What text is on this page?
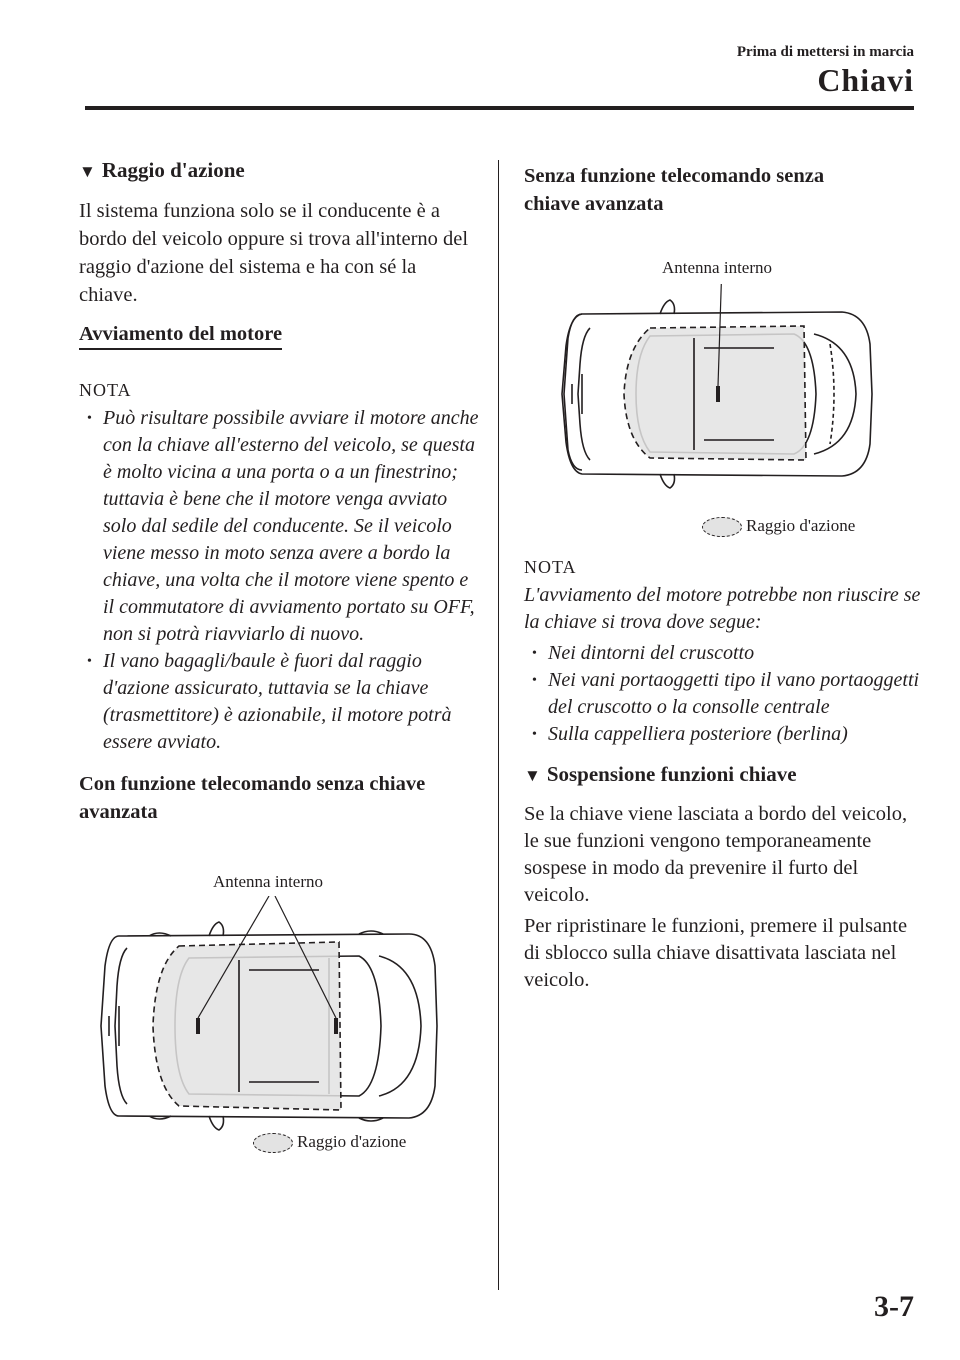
Prima di mettersi in marcia
Chiavi
▼ Raggio d'azione

Il sistema funziona solo se il conducente è a bordo del veicolo oppure si trova all'interno del raggio d'azione del sistema e ha con sé la chiave.

Avviamento del motore
NOTA
• Può risultare possibile avviare il motore anche con la chiave all'esterno del veicolo, se questa è molto vicina a una porta o a un finestrino; tuttavia è bene che il motore venga avviato solo dal sedile del conducente. Se il veicolo viene messo in moto senza avere a bordo la chiave, una volta che il motore viene spento e il commutatore di avviamento portato su OFF, non si potrà riavviarlo di nuovo.
• Il vano bagagli/baule è fuori dal raggio d'azione assicurato, tuttavia se la chiave (trasmettitore) è azionabile, il motore potrà essere avviato.
Con funzione telecomando senza chiave avanzata
Antenna interno
Raggio d'azione
Senza funzione telecomando senza chiave avanzata
Antenna interno
Raggio d'azione
NOTA

L'avviamento del motore potrebbe non riuscire se la chiave si trova dove segue:

• Nei dintorni del cruscotto
• Nei vani portaoggetti tipo il vano portaoggetti del cruscotto o la consolle centrale
• Sulla cappelliera posteriore (berlina)
▼ Sospensione funzioni chiave

Se la chiave viene lasciata a bordo del veicolo, le sue funzioni vengono temporaneamente sospese in modo da prevenire il furto del veicolo.

Per ripristinare le funzioni, premere il pulsante di sblocco sulla chiave disattivata lasciata nel veicolo.

3-7
